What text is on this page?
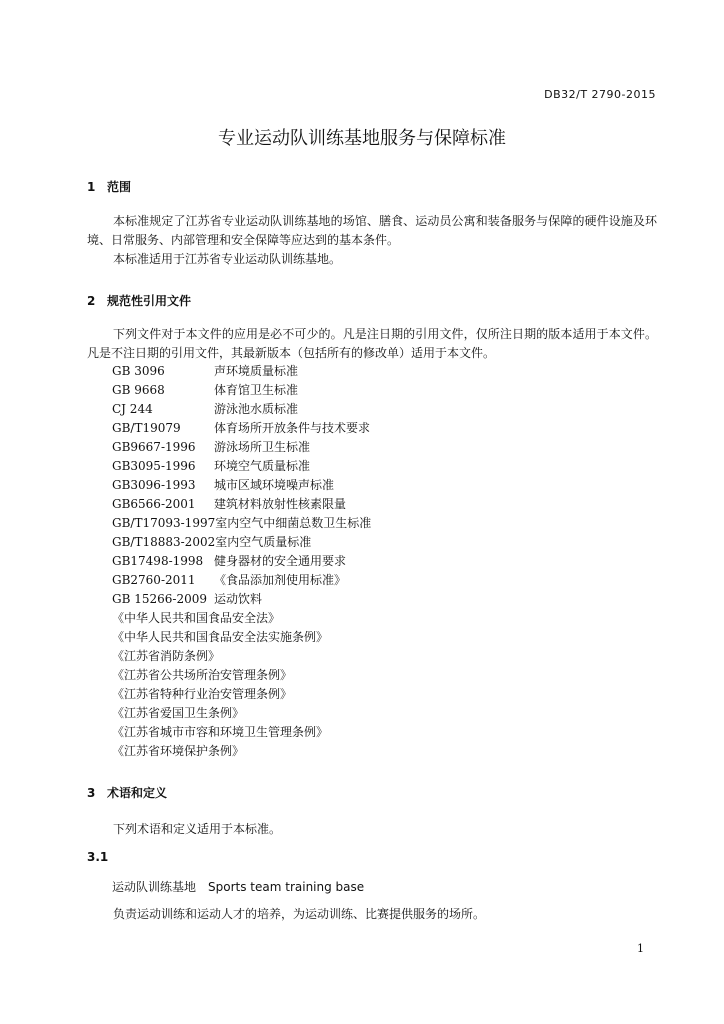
DB32/T 2790-2015
专业运动队训练基地服务与保障标准
1 范围

本标准规定了江苏省专业运动队训练基地的场馆、膳食、运动员公寓和装备服务与保障的硬件设施及环境、日常服务、内部管理和安全保障等应达到的基本条件。

本标准适用于江苏省专业运动队训练基地。

2 规范性引用文件

下列文件对于本文件的应用是必不可少的。凡是注日期的引用文件，仅所注日期的版本适用于本文件。凡是不注日期的引用文件，其最新版本（包括所有的修改单）适用于本文件。

GB 3096	声环境质量标准
GB 9668	体育馆卫生标准
CJ 244	游泳池水质标准
GB/T19079	体育场所开放条件与技术要求
GB9667-1996 游泳场所卫生标准
GB3095-1996 环境空气质量标准
GB3096-1993 城市区域环境噪声标准
GB6566-2001 建筑材料放射性核素限量
GB/T17093-1997室内空气中细菌总数卫生标准
GB/T18883-2002室内空气质量标准
GB17498-1998 健身器材的安全通用要求
GB2760-2011 《食品添加剂使用标准》
GB 15266-2009 运动饮料
《中华人民共和国食品安全法》
《中华人民共和国食品安全法实施条例》
《江苏省消防条例》
《江苏省公共场所治安管理条例》
《江苏省特种行业治安管理条例》
《江苏省爱国卫生条例》
《江苏省城市市容和环境卫生管理条例》
《江苏省环境保护条例》
3 术语和定义

下列术语和定义适用于本标准。

3.1
运动队训练基地 Sports team training base

负责运动训练和运动人才的培养，为运动训练、比赛提供服务的场所。

1
